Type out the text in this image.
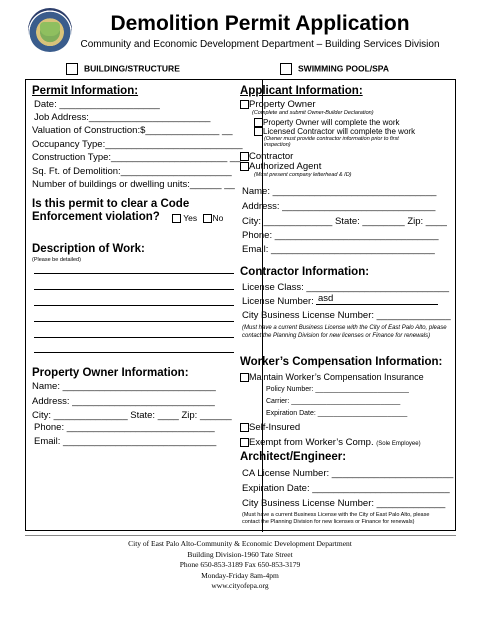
Demolition Permit Application
Community and Economic Development Department – Building Services Division
BUILDING/STRUCTURE	SWIMMING POOL/SPA
Permit Information:
Date: ___________________
Job Address:_______________________
Valuation of Construction:$______________ __
Occupancy Type:__________________________
Construction Type:______________________ __
Sq. Ft. of Demolition:_____________________
Number of buildings or dwelling units:______ __
Is this permit to clear a Code
Enforcement violation?	Yes No
Description of Work:
(Please be detailed)
Property Owner Information:
Name: _____________________________
Address: ___________________________
City: ______________ State: ____ Zip: ______
Phone: ____________________________
Email: _____________________________
Applicant Information:
Property Owner
(Complete and submit Owner-Builder Declaration)
Property Owner will complete the work
Licensed Contractor will complete the work
(Owner must provide contractor information prior to first
inspection)
Contractor
Authorized Agent
(Must present company letterhead & ID)
Name: _______________________________
Address: _____________________________
City: _____________ State: ________ Zip: ____
Phone: _______________________________
Email: _______________________________
Contractor Information:
License Class: ___________________________
License Number: asd
City Business License Number: ______________
(Must have a current Business License with the City of East Palo Alto, please contact the Planning Division for new licenses or Finance for renewals)
Worker’s Compensation Information:
Maintain Worker’s Compensation Insurance
Policy Number: ________________________
Carrier: ____________________________
Expiration Date: _______________________
Self-Insured
Exempt from Worker’s Comp. (Sole Employee)
Architect/Engineer:
CA License Number: _______________________
Expiration Date: __________________________
City Business License Number: _____________
(Must have a current Business License with the City of East Palo Alto, please contact the Planning Division for new licenses or Finance for renewals)
City of East Palo Alto-Community & Economic Development Department
Building Division-1960 Tate Street
Phone 650-853-3189 Fax 650-853-3179
Monday-Friday 8am-4pm
www.cityofepa.org
